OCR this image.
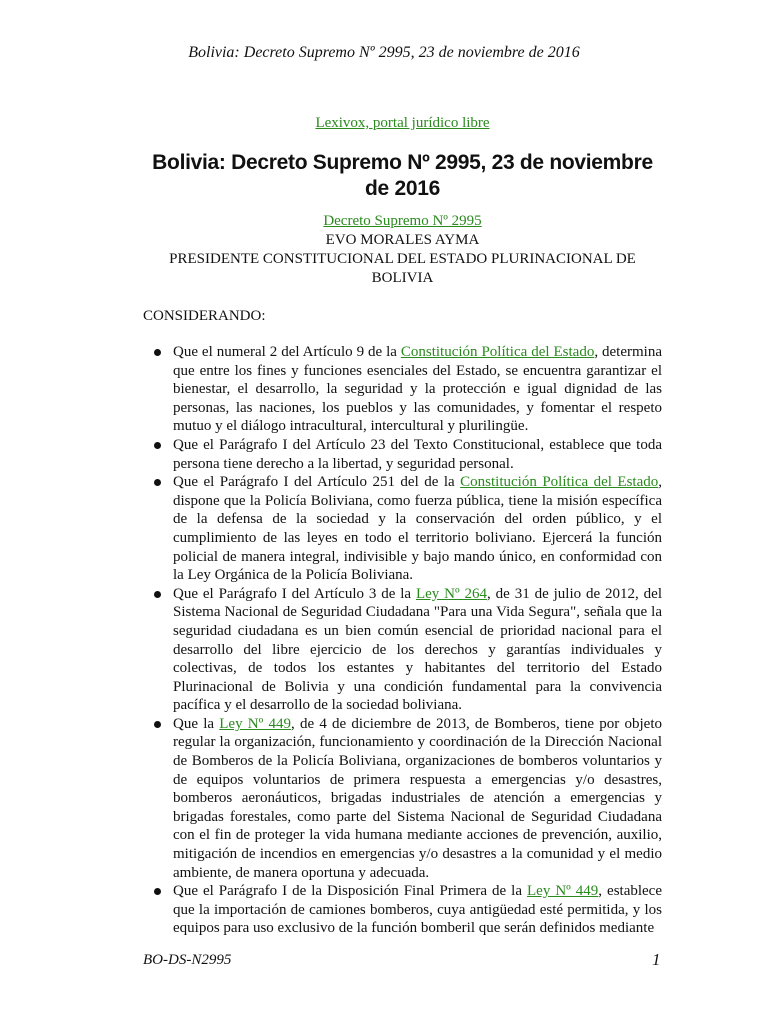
Bolivia: Decreto Supremo Nº 2995, 23 de noviembre de 2016
Lexivox, portal jurídico libre
Bolivia: Decreto Supremo Nº 2995, 23 de noviembre de 2016
Decreto Supremo Nº 2995
EVO MORALES AYMA
PRESIDENTE CONSTITUCIONAL DEL ESTADO PLURINACIONAL DE BOLIVIA
CONSIDERANDO:
Que el numeral 2 del Artículo 9 de la Constitución Política del Estado, determina que entre los fines y funciones esenciales del Estado, se encuentra garantizar el bienestar, el desarrollo, la seguridad y la protección e igual dignidad de las personas, las naciones, los pueblos y las comunidades, y fomentar el respeto mutuo y el diálogo intracultural, intercultural y plurilingüe.
Que el Parágrafo I del Artículo 23 del Texto Constitucional, establece que toda persona tiene derecho a la libertad, y seguridad personal.
Que el Parágrafo I del Artículo 251 del de la Constitución Política del Estado, dispone que la Policía Boliviana, como fuerza pública, tiene la misión específica de la defensa de la sociedad y la conservación del orden público, y el cumplimiento de las leyes en todo el territorio boliviano. Ejercerá la función policial de manera integral, indivisible y bajo mando único, en conformidad con la Ley Orgánica de la Policía Boliviana.
Que el Parágrafo I del Artículo 3 de la Ley Nº 264, de 31 de julio de 2012, del Sistema Nacional de Seguridad Ciudadana "Para una Vida Segura", señala que la seguridad ciudadana es un bien común esencial de prioridad nacional para el desarrollo del libre ejercicio de los derechos y garantías individuales y colectivas, de todos los estantes y habitantes del territorio del Estado Plurinacional de Bolivia y una condición fundamental para la convivencia pacífica y el desarrollo de la sociedad boliviana.
Que la Ley Nº 449, de 4 de diciembre de 2013, de Bomberos, tiene por objeto regular la organización, funcionamiento y coordinación de la Dirección Nacional de Bomberos de la Policía Boliviana, organizaciones de bomberos voluntarios y de equipos voluntarios de primera respuesta a emergencias y/o desastres, bomberos aeronáuticos, brigadas industriales de atención a emergencias y brigadas forestales, como parte del Sistema Nacional de Seguridad Ciudadana con el fin de proteger la vida humana mediante acciones de prevención, auxilio, mitigación de incendios en emergencias y/o desastres a la comunidad y el medio ambiente, de manera oportuna y adecuada.
Que el Parágrafo I de la Disposición Final Primera de la Ley Nº 449, establece que la importación de camiones bomberos, cuya antigüedad esté permitida, y los equipos para uso exclusivo de la función bomberil que serán definidos mediante
BO-DS-N2995	1
